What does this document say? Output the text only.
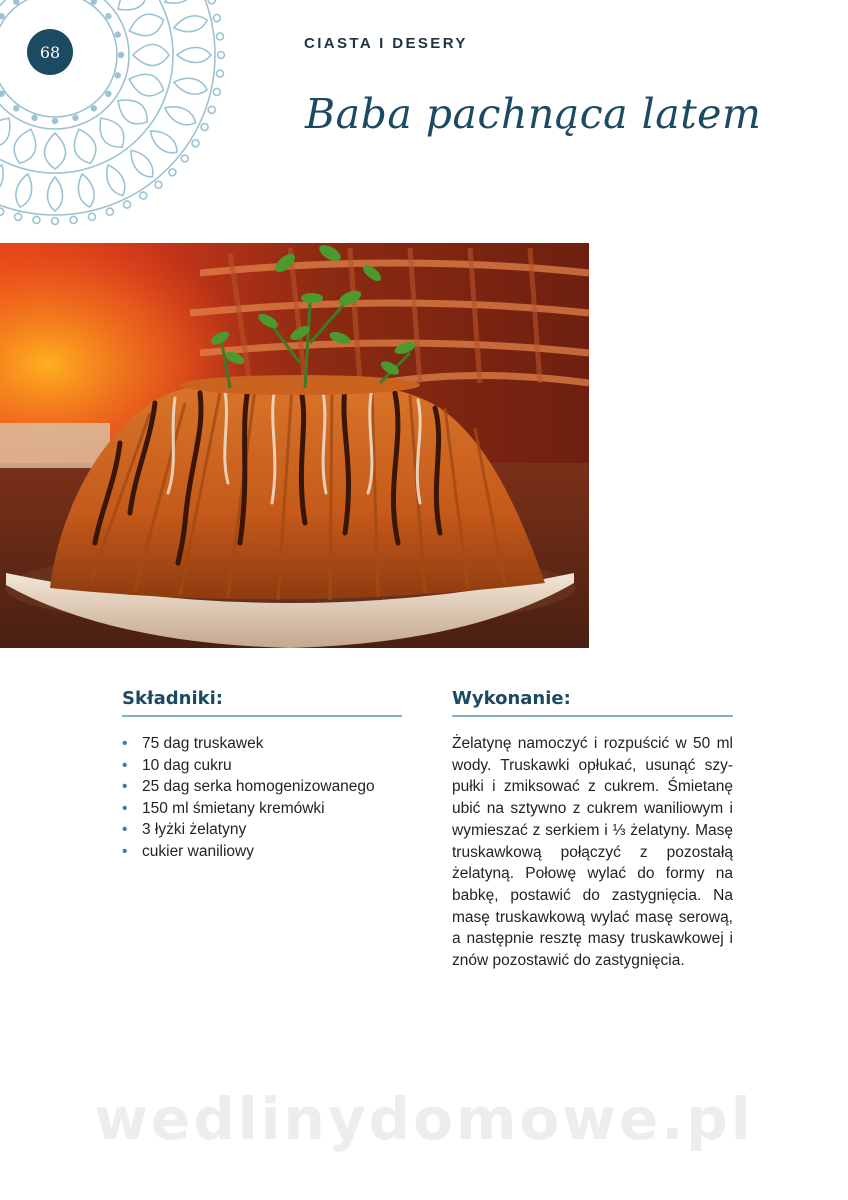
68	CIASTA I DESERY
Baba pachnąca latem
Składniki:
• 75 dag truskawek
• 10 dag cukru
• 25 dag serka homogenizowanego
• 150 ml śmietany kremówki
• 3 łyżki żelatyny
• cukier waniliowy
Wykonanie:

Żelatynę namoczyć i rozpuścić w 50 ml wody. Truskawki opłukać, usunąć szypułki i zmiksować z cukrem. Śmietanę ubić na sztywno z cukrem waniliowym i wymieszać z serkiem i ⅓ żelatyny. Masę truskawkową połączyć z pozostałą żelatyną. Połowę wylać do formy na babkę, postawić do zastygnięcia. Na masę truskawkową wylać masę serową, a następnie resztę masy truskawkowej i znów pozostawić do zastygnięcia.

wedlinydomowe.pl
